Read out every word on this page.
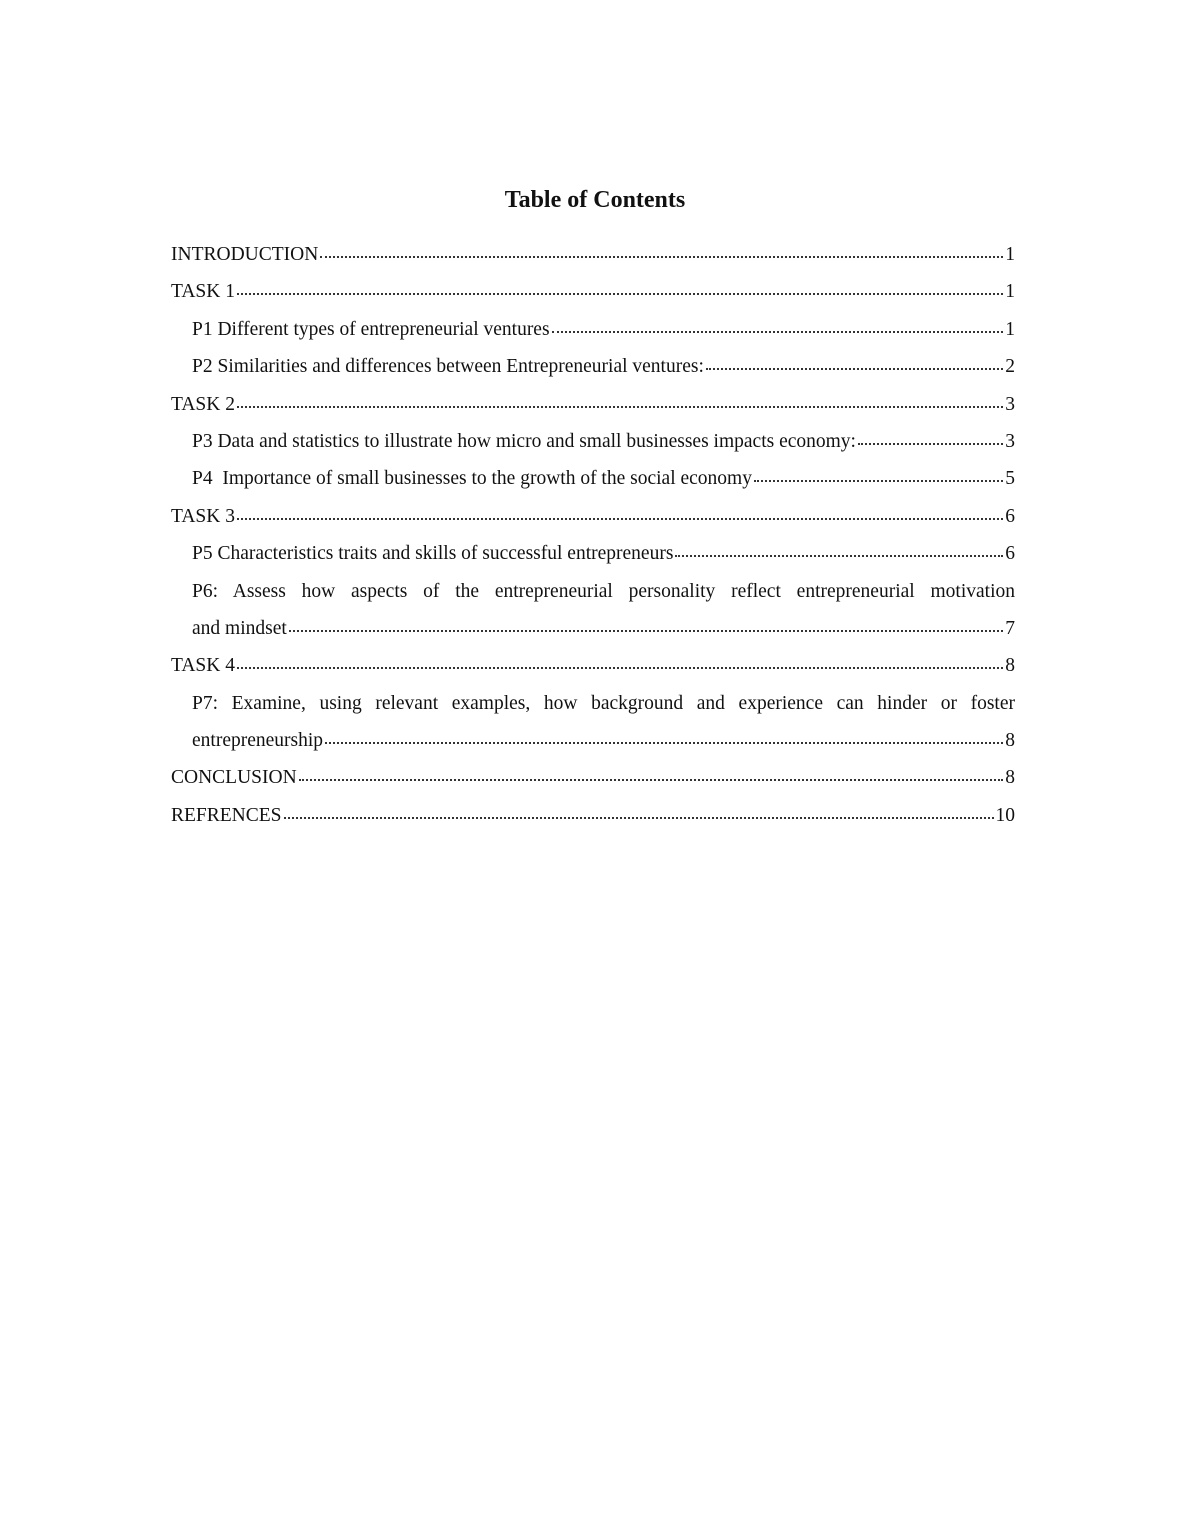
Table of Contents
INTRODUCTION	1
TASK 1	1
P1 Different types of entrepreneurial ventures	1
P2 Similarities and differences between Entrepreneurial ventures:	2
TASK 2	3
P3 Data and statistics to illustrate how micro and small businesses impacts economy:	3
P4  Importance of small businesses to the growth of the social economy	5
TASK 3	6
P5 Characteristics traits and skills of successful entrepreneurs	6
P6: Assess how aspects of the entrepreneurial personality reflect entrepreneurial motivation
and mindset	7
TASK 4	8
P7: Examine, using relevant examples, how background and experience can hinder or foster
entrepreneurship	8
CONCLUSION	8
REFRENCES	10
